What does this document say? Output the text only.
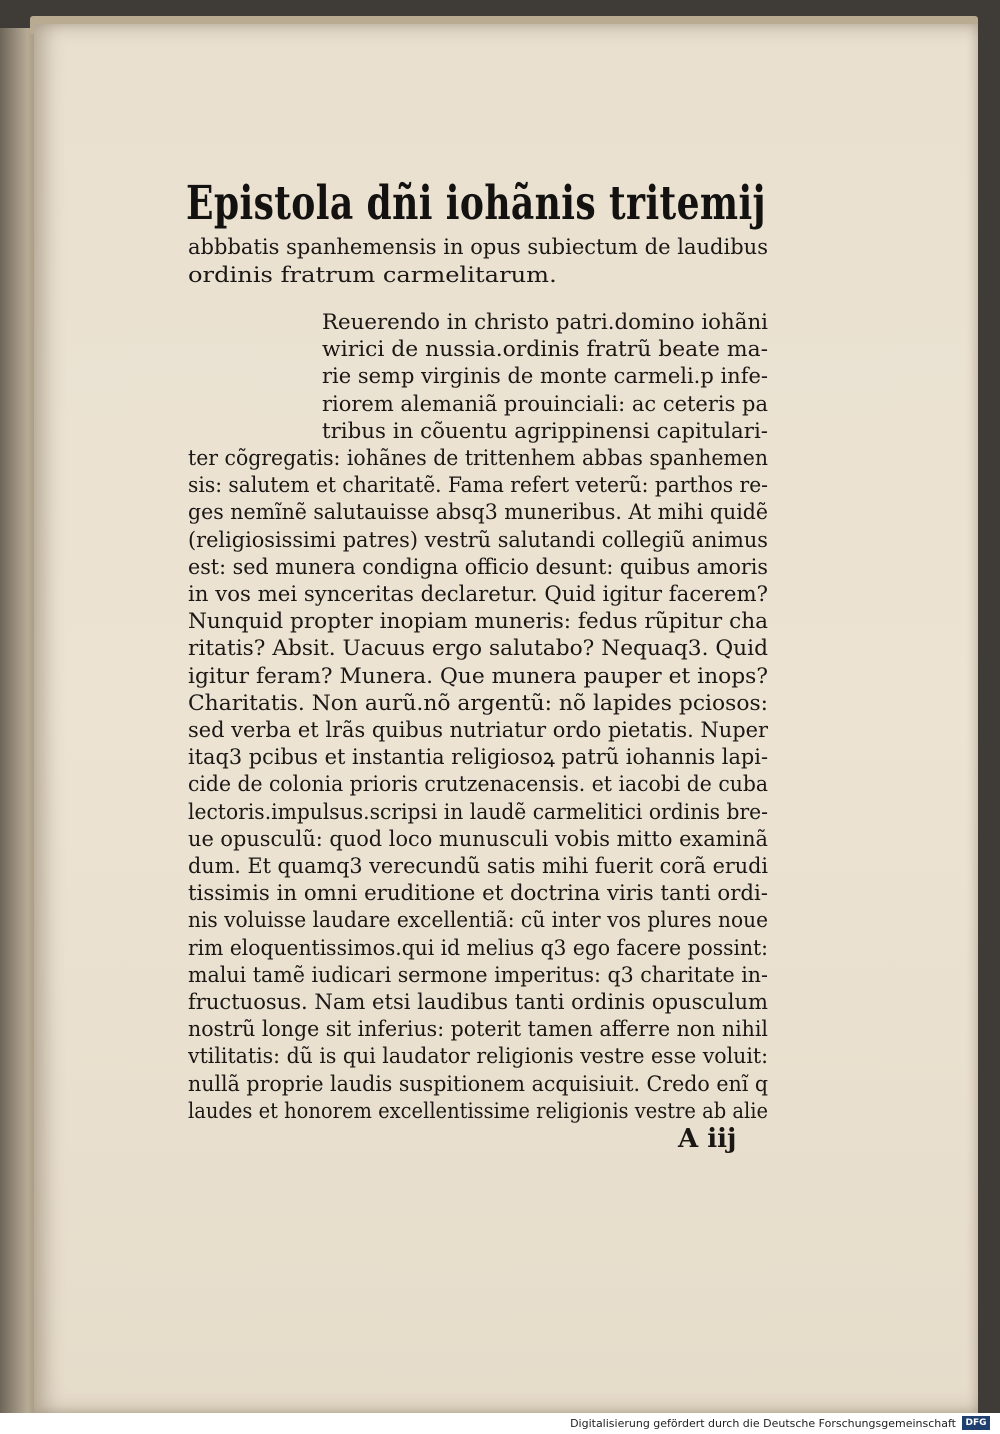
Epistola dñi iohãnis tritemij
abbbatis spanhemensis in opus subiectum de laudibus
ordinis fratrum carmelitarum.
Reuerendo in christo patri.domino iohãni
wirici de nussia.ordinis fratrũ beate ma-
rie semp virginis de monte carmeli.p infe-
riorem alemaniã prouinciali: ac ceteris pa
tribus in cõuentu agrippinensi capitulari-
ter cõgregatis: iohãnes de trittenhem abbas spanhemen
sis: salutem et charitatẽ. Fama refert veterũ: parthos re-
ges nemĩnẽ salutauisse absq3 muneribus. At mihi quidẽ
(religiosissimi patres) vestrũ salutandi collegiũ animus
est: sed munera condigna officio desunt: quibus amoris
in vos mei synceritas declaretur. Quid igitur facerem?
Nunquid propter inopiam muneris: fedus rũpitur cha
ritatis? Absit. Uacuus ergo salutabo? Nequaq3. Quid
igitur feram? Munera. Que munera pauper et inops?
Charitatis. Non aurũ.nõ argentũ: nõ lapides pciosos:
sed verba et lrãs quibus nutriatur ordo pietatis. Nuper
itaq3 pcibus et instantia religiosoꝝ patrũ iohannis lapi-
cide de colonia prioris crutzenacensis. et iacobi de cuba
lectoris.impulsus.scripsi in laudẽ carmelitici ordinis bre-
ue opusculũ: quod loco munusculi vobis mitto examinã
dum. Et quamq3 verecundũ satis mihi fuerit corã erudi
tissimis in omni eruditione et doctrina viris tanti ordi-
nis voluisse laudare excellentiã: cũ inter vos plures noue
rim eloquentissimos.qui id melius q3 ego facere possint:
malui tamẽ iudicari sermone imperitus: q3 charitate in-
fructuosus. Nam etsi laudibus tanti ordinis opusculum
nostrũ longe sit inferius: poterit tamen afferre non nihil
vtilitatis: dũ is qui laudator religionis vestre esse voluit:
nullã proprie laudis suspitionem acquisiuit. Credo enĩ q
laudes et honorem excellentissime religionis vestre ab alie
A iij
Digitalisierung gefördert durch die Deutsche Forschungsgemeinschaft	DFG
